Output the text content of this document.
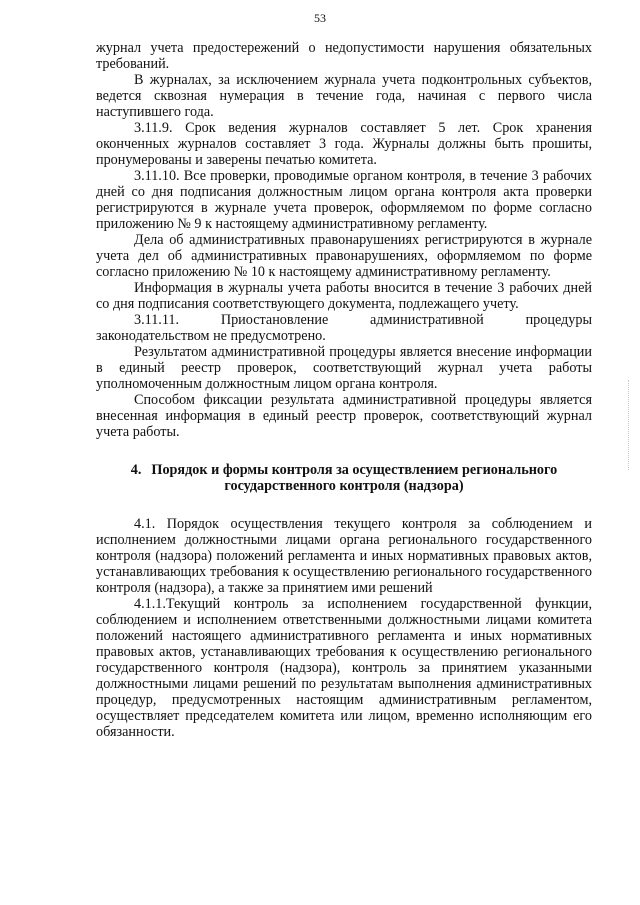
53

журнал учета предостережений о недопустимости нарушения обязательных требований.

В журналах, за исключением журнала учета подконтрольных субъектов, ведется сквозная нумерация в течение года, начиная с первого числа наступившего года.

3.11.9. Срок ведения журналов составляет 5 лет. Срок хранения оконченных журналов составляет 3 года. Журналы должны быть прошиты, пронумерованы и заверены печатью комитета.

3.11.10. Все проверки, проводимые органом контроля, в течение 3 рабочих дней со дня подписания должностным лицом органа контроля акта проверки регистрируются в журнале учета проверок, оформляемом по форме согласно приложению № 9 к настоящему административному регламенту.

Дела об административных правонарушениях регистрируются в журнале учета дел об административных правонарушениях, оформляемом по форме согласно приложению № 10 к настоящему административному регламенту.

Информация в журналы учета работы вносится в течение 3 рабочих дней со дня подписания соответствующего документа, подлежащего учету.

3.11.11. Приостановление административной процедуры законодательством не предусмотрено.

Результатом административной процедуры является внесение информации в единый реестр проверок, соответствующий журнал учета работы уполномоченным должностным лицом органа контроля.

Способом фиксации результата административной процедуры является внесенная информация в единый реестр проверок, соответствующий журнал учета работы.

4. Порядок и формы контроля за осуществлением регионального государственного контроля (надзора)

4.1. Порядок осуществления текущего контроля за соблюдением и исполнением должностными лицами органа регионального государственного контроля (надзора) положений регламента и иных нормативных правовых актов, устанавливающих требования к осуществлению регионального государственного контроля (надзора), а также за принятием ими решений

4.1.1.Текущий контроль за исполнением государственной функции, соблюдением и исполнением ответственными должностными лицами комитета положений настоящего административного регламента и иных нормативных правовых актов, устанавливающих требования к осуществлению регионального государственного контроля (надзора), контроль за принятием указанными должностными лицами решений по результатам выполнения административных процедур, предусмотренных настоящим административным регламентом, осуществляет председателем комитета или лицом, временно исполняющим его обязанности.
